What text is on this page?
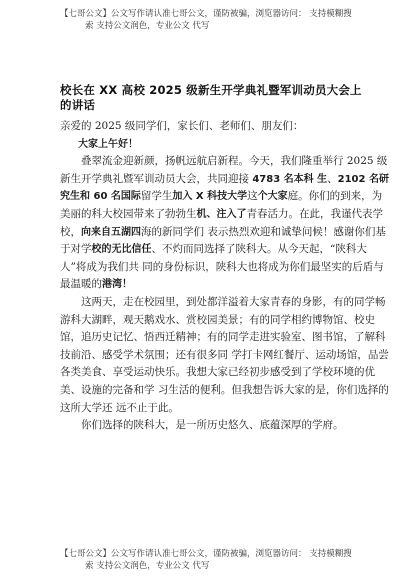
【七哥公文】公文写作请认准七哥公文，谨防被骗，浏览器访问： 支持模糊搜
索 支持公文润色，专业公文 代写
校长在 XX 高校 2025 级新生开学典礼暨军训动员大会上的讲话

亲爱的 2025 级同学们，家长们、老师们、朋友们：

大家上午好！

叠翠流金迎新颜，扬帆远航启新程。今天，我们隆重举行 2025 级新生开学典礼暨军训动员大会，共同迎接 4783 名本科 生、2102 名研究生和 60 名国际留学生加入 X 科技大学这个大家庭。你们的到来，为美丽的科大校园带来了勃勃生机、注入了青春活力。在此，我谨代表学校，向来自五湖四海的新同学们 表示热烈欢迎和诚挚问候！感谢你们基于对学校的无比信任、不灼而同选择了陕科大。从今天起，“陕科大人”将成为我们共 同的身份标识，陕科大也将成为你们最坚实的后盾与最温暖的港湾！

这两天，走在校园里，到处都洋溢着大家青春的身影，有的同学畅游科大湖畔，观天鹅戏水、赏校园美景；有的同学相约博物馆、校史馆，追历史记忆、悟西迁精神；有的同学走进实验室、图书馆，了解科技前沿、感受学术氛围；还有很多同 学打卡网红餐厅、运动场馆，品尝各类美食、享受运动快乐。我想大家已经初步感受到了学校环境的优美、设施的完备和学 习生活的便利。但我想告诉大家的是，你们选择的这所大学还 远不止于此。

你们选择的陕科大，是一所历史悠久、底蕴深厚的学府。

【七哥公文】公文写作请认准七哥公文，谨防被骗，浏览器访问： 支持模糊搜
索 支持公文润色，专业公文 代写
